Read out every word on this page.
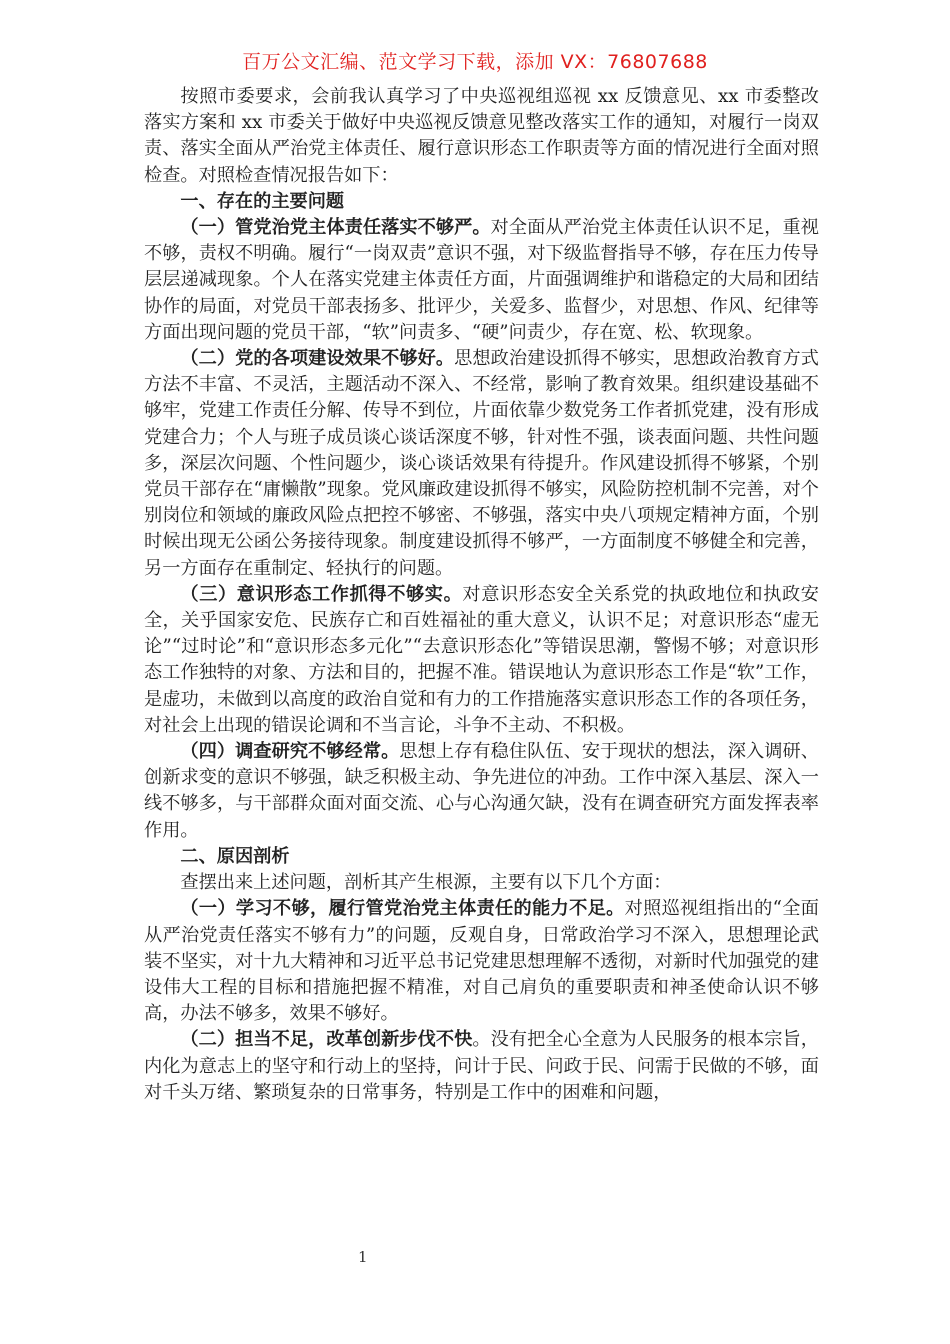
百万公文汇编、范文学习下载，添加 VX：76807688

按照市委要求，会前我认真学习了中央巡视组巡视 xx 反馈意见、xx 市委整改落实方案和 xx 市委关于做好中央巡视反馈意见整改落实工作的通知，对履行一岗双责、落实全面从严治党主体责任、履行意识形态工作职责等方面的情况进行全面对照检查。对照检查情况报告如下：

一、存在的主要问题

（一）管党治党主体责任落实不够严。对全面从严治党主体责任认识不足，重视不够，责权不明确。履行“一岗双责”意识不强，对下级监督指导不够，存在压力传导层层递减现象。个人在落实党建主体责任方面，片面强调维护和谐稳定的大局和团结协作的局面，对党员干部表扬多、批评少，关爱多、监督少，对思想、作风、纪律等方面出现问题的党员干部，“软”问责多、“硬”问责少，存在宽、松、软现象。

（二）党的各项建设效果不够好。思想政治建设抓得不够实，思想政治教育方式方法不丰富、不灵活，主题活动不深入、不经常，影响了教育效果。组织建设基础不够牢，党建工作责任分解、传导不到位，片面依靠少数党务工作者抓党建，没有形成党建合力；个人与班子成员谈心谈话深度不够，针对性不强，谈表面问题、共性问题多，深层次问题、个性问题少，谈心谈话效果有待提升。作风建设抓得不够紧，个别党员干部存在“庸懒散”现象。党风廉政建设抓得不够实，风险防控机制不完善，对个别岗位和领域的廉政风险点把控不够密、不够强，落实中央八项规定精神方面，个别时候出现无公函公务接待现象。制度建设抓得不够严，一方面制度不够健全和完善，另一方面存在重制定、轻执行的问题。

（三）意识形态工作抓得不够实。对意识形态安全关系党的执政地位和执政安全，关乎国家安危、民族存亡和百姓福祉的重大意义，认识不足；对意识形态“虚无论”“过时论”和“意识形态多元化”“去意识形态化”等错误思潮，警惕不够；对意识形态工作独特的对象、方法和目的，把握不准。错误地认为意识形态工作是“软”工作，是虚功，未做到以高度的政治自觉和有力的工作措施落实意识形态工作的各项任务，对社会上出现的错误论调和不当言论，斗争不主动、不积极。

（四）调查研究不够经常。思想上存有稳住队伍、安于现状的想法，深入调研、创新求变的意识不够强，缺乏积极主动、争先进位的冲劲。工作中深入基层、深入一线不够多，与干部群众面对面交流、心与心沟通欠缺，没有在调查研究方面发挥表率作用。

二、原因剖析

查摆出来上述问题，剖析其产生根源，主要有以下几个方面：

（一）学习不够，履行管党治党主体责任的能力不足。对照巡视组指出的“全面从严治党责任落实不够有力”的问题，反观自身，日常政治学习不深入，思想理论武装不坚实，对十九大精神和习近平总书记党建思想理解不透彻，对新时代加强党的建设伟大工程的目标和措施把握不精准，对自己肩负的重要职责和神圣使命认识不够高，办法不够多，效果不够好。

（二）担当不足，改革创新步伐不快。没有把全心全意为人民服务的根本宗旨，内化为意志上的坚守和行动上的坚持，问计于民、问政于民、问需于民做的不够，面对千头万绪、繁琐复杂的日常事务，特别是工作中的困难和问题，

1
